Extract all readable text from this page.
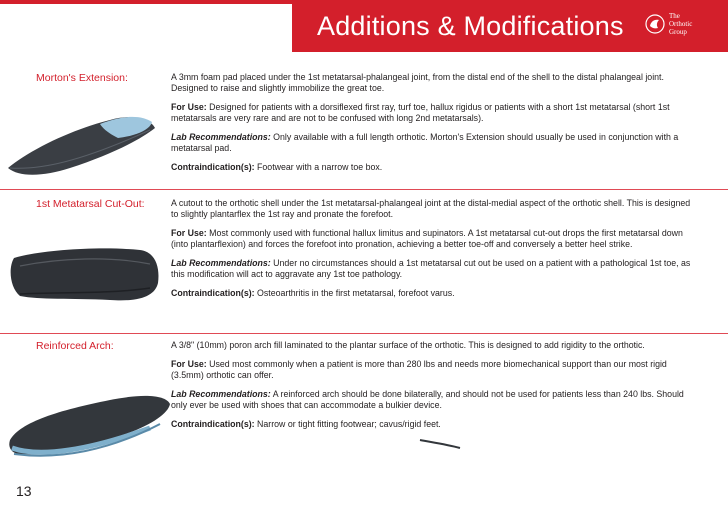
Additions & Modifications	The
Orthotic
Group
Morton's Extension:	A 3mm foam pad placed under the 1st metatarsal-phalangeal joint, from the distal end of the shell to the distal phalangeal joint. Designed to raise and slightly immobilize the great toe.

For Use: Designed for patients with a dorsiflexed first ray, turf toe, hallux rigidus or patients with a short 1st metatarsal (short 1st metatarsals are very rare and are not to be confused with long 2nd metatarsals).

Lab Recommendations: Only available with a full length orthotic. Morton's Extension should usually be used in conjunction with a metatarsal pad.

Contraindication(s): Footwear with a narrow toe box.

1st Metatarsal Cut-Out:	A cutout to the orthotic shell under the 1st metatarsal-phalangeal joint at the distal-medial aspect of the orthotic shell. This is designed to slightly plantarflex the 1st ray and pronate the forefoot.

For Use: Most commonly used with functional hallux limitus and supinators. A 1st metatarsal cut-out drops the first metatarsal down (into plantarflexion) and forces the forefoot into pronation, achieving a better toe-off and conversely a better heel strike.

Lab Recommendations: Under no circumstances should a 1st metatarsal cut out be used on a patient with a pathological 1st toe, as this modification will act to aggravate any 1st toe pathology.

Contraindication(s): Osteoarthritis in the first metatarsal, forefoot varus.

Reinforced Arch:	A 3/8" (10mm) poron arch fill laminated to the plantar surface of the orthotic. This is designed to add rigidity to the orthotic.

For Use: Used most commonly when a patient is more than 280 lbs and needs more biomechanical support than our most rigid (3.5mm) orthotic can offer.

Lab Recommendations: A reinforced arch should be done bilaterally, and should not be used for patients less than 240 lbs. Should only ever be used with shoes that can accommodate a bulkier device.

Contraindication(s): Narrow or tight fitting footwear; cavus/rigid feet.

13
